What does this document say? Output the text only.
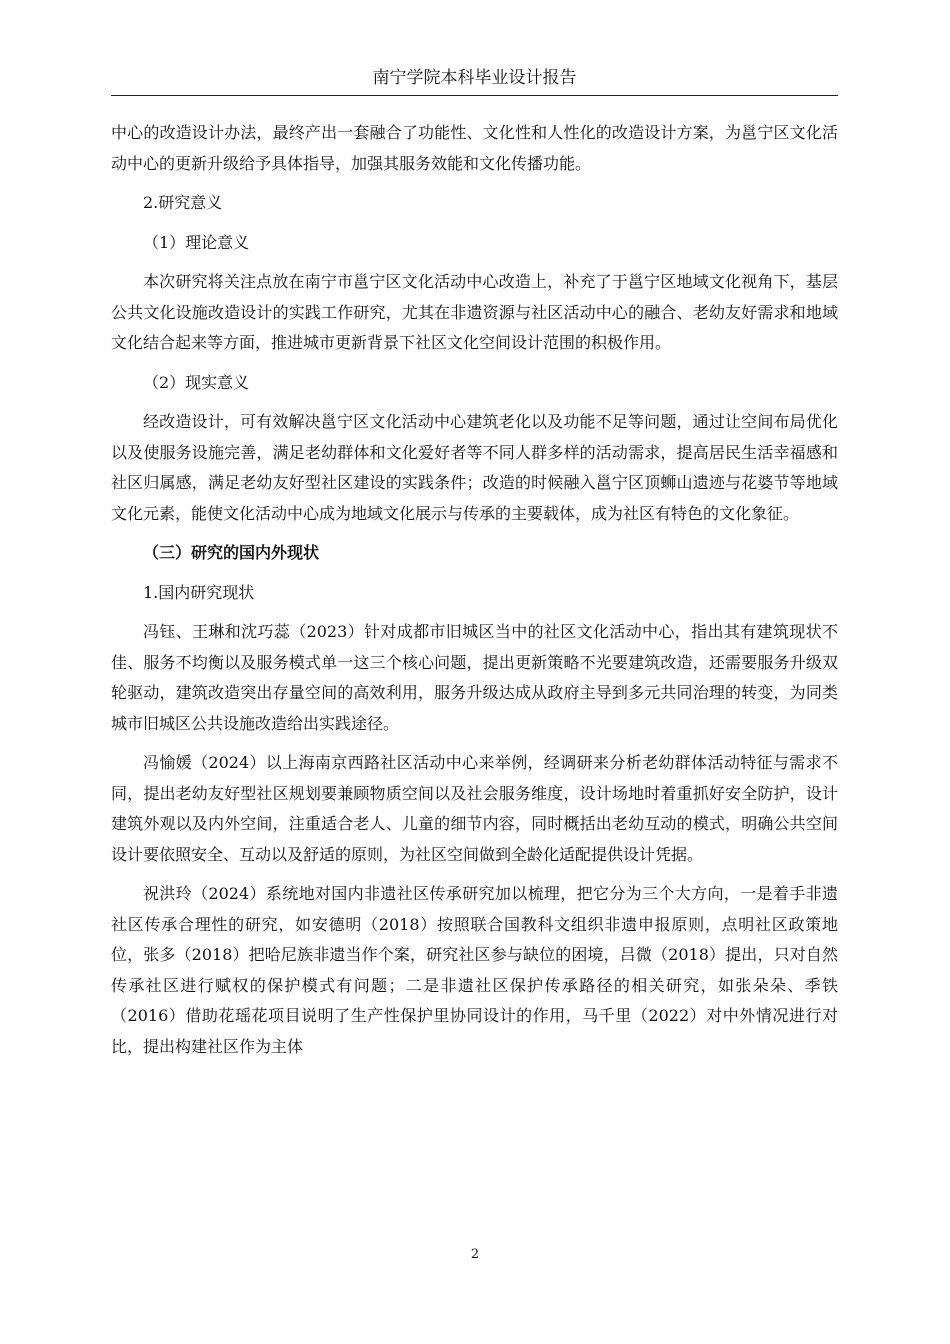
南宁学院本科毕业设计报告

中心的改造设计办法，最终产出一套融合了功能性、文化性和人性化的改造设计方案，为邕宁区文化活动中心的更新升级给予具体指导，加强其服务效能和文化传播功能。

2.研究意义

（1）理论意义

本次研究将关注点放在南宁市邕宁区文化活动中心改造上，补充了于邕宁区地域文化视角下，基层公共文化设施改造设计的实践工作研究，尤其在非遗资源与社区活动中心的融合、老幼友好需求和地域文化结合起来等方面，推进城市更新背景下社区文化空间设计范围的积极作用。

（2）现实意义

经改造设计，可有效解决邕宁区文化活动中心建筑老化以及功能不足等问题，通过让空间布局优化以及使服务设施完善，满足老幼群体和文化爱好者等不同人群多样的活动需求，提高居民生活幸福感和社区归属感，满足老幼友好型社区建设的实践条件；改造的时候融入邕宁区顶蛳山遗迹与花婆节等地域文化元素，能使文化活动中心成为地域文化展示与传承的主要载体，成为社区有特色的文化象征。

（三）研究的国内外现状

1.国内研究现状

冯钰、王琳和沈巧蕊（2023）针对成都市旧城区当中的社区文化活动中心，指出其有建筑现状不佳、服务不均衡以及服务模式单一这三个核心问题，提出更新策略不光要建筑改造，还需要服务升级双轮驱动，建筑改造突出存量空间的高效利用，服务升级达成从政府主导到多元共同治理的转变，为同类城市旧城区公共设施改造给出实践途径。

冯愉媛（2024）以上海南京西路社区活动中心来举例，经调研来分析老幼群体活动特征与需求不同，提出老幼友好型社区规划要兼顾物质空间以及社会服务维度，设计场地时着重抓好安全防护，设计建筑外观以及内外空间，注重适合老人、儿童的细节内容，同时概括出老幼互动的模式，明确公共空间设计要依照安全、互动以及舒适的原则，为社区空间做到全龄化适配提供设计凭据。

祝洪玲（2024）系统地对国内非遗社区传承研究加以梳理，把它分为三个大方向，一是着手非遗社区传承合理性的研究，如安德明（2018）按照联合国教科文组织非遗申报原则，点明社区政策地位，张多（2018）把哈尼族非遗当作个案，研究社区参与缺位的困境，吕微（2018）提出，只对自然传承社区进行赋权的保护模式有问题；二是非遗社区保护传承路径的相关研究，如张朵朵、季铁（2016）借助花瑶花项目说明了生产性保护里协同设计的作用，马千里（2022）对中外情况进行对比，提出构建社区作为主体

2
